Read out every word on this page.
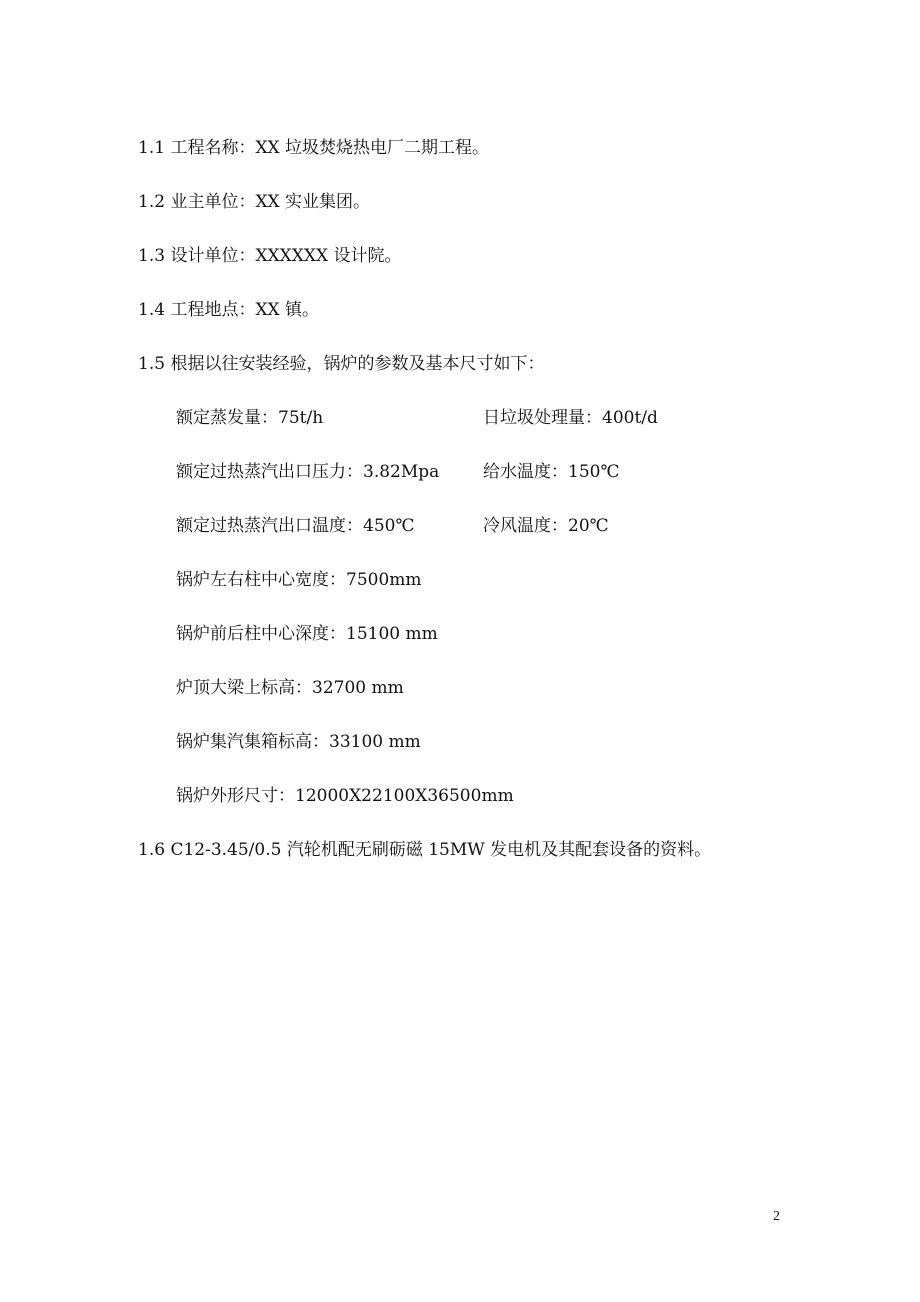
1.1 工程名称：XX 垃圾焚烧热电厂二期工程。
1.2 业主单位：XX 实业集团。
1.3 设计单位：XXXXXX 设计院。
1.4 工程地点：XX 镇。
1.5 根据以往安装经验，锅炉的参数及基本尺寸如下：
额定蒸发量：75t/h	日垃圾处理量：400t/d
额定过热蒸汽出口压力：3.82Mpa	给水温度：150℃
额定过热蒸汽出口温度：450℃	冷风温度：20℃
锅炉左右柱中心宽度：7500mm
锅炉前后柱中心深度：15100 mm
炉顶大梁上标高：32700 mm
锅炉集汽集箱标高：33100 mm
锅炉外形尺寸：12000X22100X36500mm
1.6 C12-3.45/0.5 汽轮机配无刷砺磁 15MW 发电机及其配套设备的资料。
2
